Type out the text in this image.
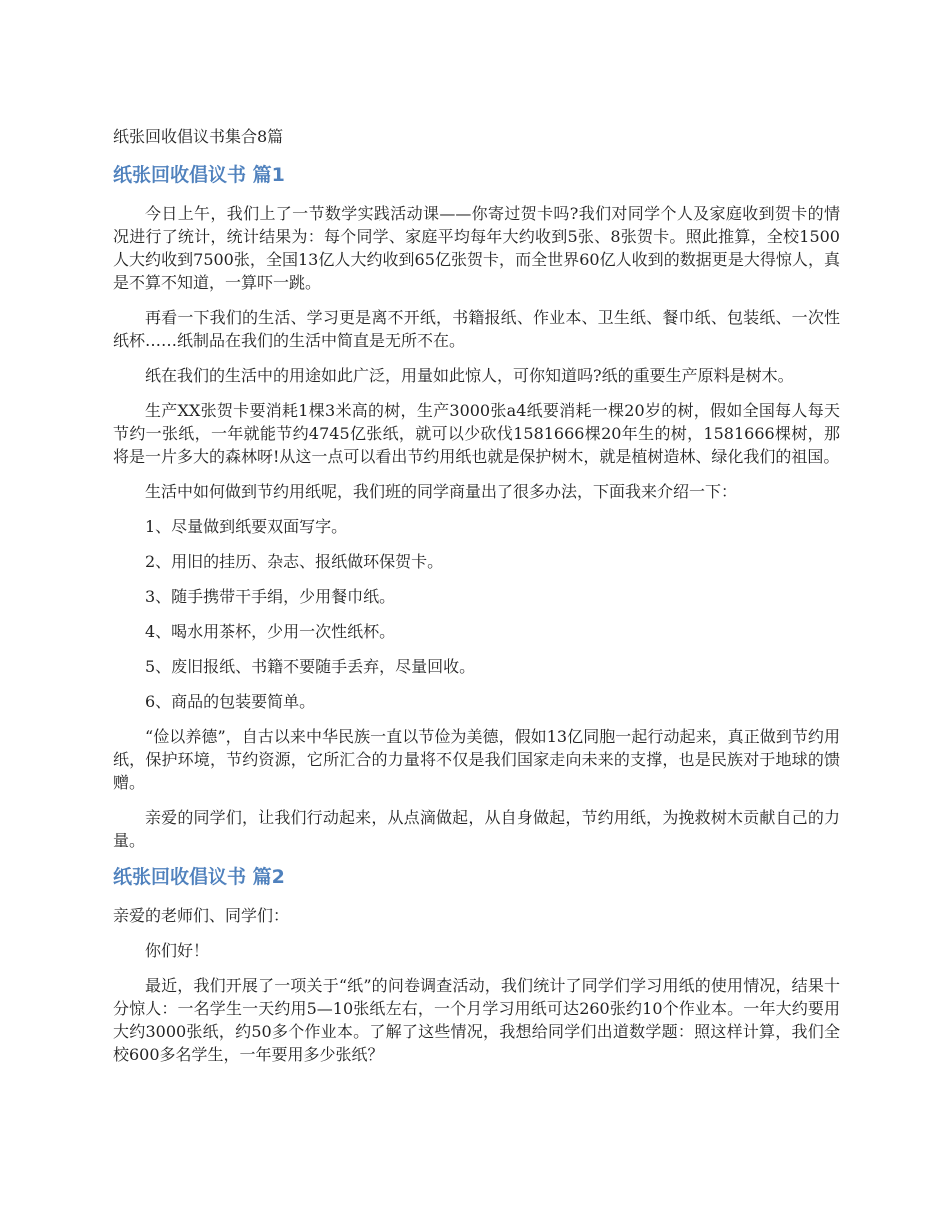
纸张回收倡议书集合8篇
纸张回收倡议书 篇1

今日上午，我们上了一节数学实践活动课——你寄过贺卡吗?我们对同学个人及家庭收到贺卡的情况进行了统计，统计结果为：每个同学、家庭平均每年大约收到5张、8张贺卡。照此推算，全校1500人大约收到7500张，全国13亿人大约收到65亿张贺卡，而全世界60亿人收到的数据更是大得惊人，真是不算不知道，一算吓一跳。

再看一下我们的生活、学习更是离不开纸，书籍报纸、作业本、卫生纸、餐巾纸、包装纸、一次性纸杯……纸制品在我们的生活中简直是无所不在。

纸在我们的生活中的用途如此广泛，用量如此惊人，可你知道吗?纸的重要生产原料是树木。

生产XX张贺卡要消耗1棵3米高的树，生产3000张a4纸要消耗一棵20岁的树，假如全国每人每天节约一张纸，一年就能节约4745亿张纸，就可以少砍伐1581666棵20年生的树，1581666棵树，那将是一片多大的森林呀!从这一点可以看出节约用纸也就是保护树木，就是植树造林、绿化我们的祖国。

生活中如何做到节约用纸呢，我们班的同学商量出了很多办法，下面我来介绍一下：

1、尽量做到纸要双面写字。

2、用旧的挂历、杂志、报纸做环保贺卡。

3、随手携带干手绢，少用餐巾纸。

4、喝水用茶杯，少用一次性纸杯。

5、废旧报纸、书籍不要随手丢弃，尽量回收。

6、商品的包装要简单。

“俭以养德”，自古以来中华民族一直以节俭为美德，假如13亿同胞一起行动起来，真正做到节约用纸，保护环境，节约资源，它所汇合的力量将不仅是我们国家走向未来的支撑，也是民族对于地球的馈赠。

亲爱的同学们，让我们行动起来，从点滴做起，从自身做起，节约用纸，为挽救树木贡献自己的力量。

纸张回收倡议书 篇2

亲爱的老师们、同学们：

你们好！

最近，我们开展了一项关于“纸”的问卷调查活动，我们统计了同学们学习用纸的使用情况，结果十分惊人：一名学生一天约用5—10张纸左右，一个月学习用纸可达260张约10个作业本。一年大约要用大约3000张纸，约50多个作业本。了解了这些情况，我想给同学们出道数学题：照这样计算，我们全校600多名学生，一年要用多少张纸？
